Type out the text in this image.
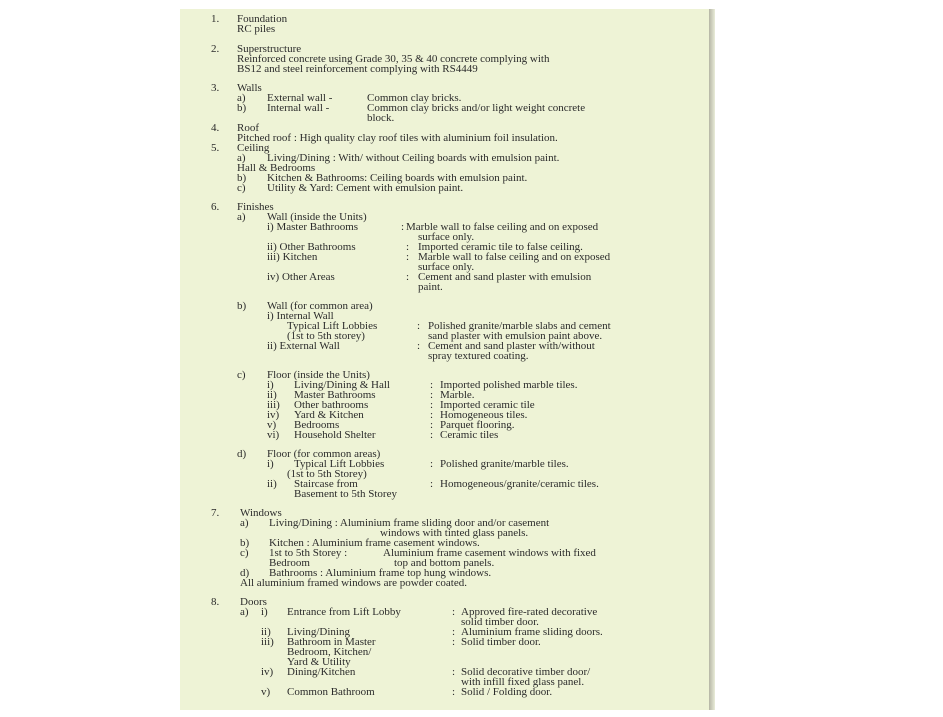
1. Foundation
RC piles
2. Superstructure
Reinforced concrete using Grade 30, 35 & 40 concrete complying with
BS12 and steel reinforcement complying with RS4449
3. Walls
a) External wall -	Common clay bricks.
b) Internal wall -	Common clay bricks and/or light weight concrete
block.
4. Roof
Pitched roof : High quality clay roof tiles with aluminium foil insulation.
5. Ceiling
a) Living/Dining : With/ without Ceiling boards with emulsion paint.
Hall & Bedrooms
b) Kitchen & Bathrooms: Ceiling boards with emulsion paint.
c) Utility & Yard: Cement with emulsion paint.
6. Finishes
a) Wall (inside the Units)
i) Master Bathrooms	: Marble wall to false ceiling and on exposed
surface only.
ii) Other Bathrooms	: Imported ceramic tile to false ceiling.
iii) Kitchen	: Marble wall to false ceiling and on exposed
surface only.
iv) Other Areas	: Cement and sand plaster with emulsion
paint.
b) Wall (for common area)
i) Internal Wall
Typical Lift Lobbies	: Polished granite/marble slabs and cement
(1st to 5th storey)	sand plaster with emulsion paint above.
ii) External Wall	: Cement and sand plaster with/without
spray textured coating.
c) Floor (inside the Units)
i) Living/Dining & Hall	: Imported polished marble tiles.
ii) Master Bathrooms	: Marble.
iii) Other bathrooms	: Imported ceramic tile
iv) Yard & Kitchen	: Homogeneous tiles.
v) Bedrooms	: Parquet flooring.
vi) Household Shelter	: Ceramic tiles
d) Floor (for common areas)
i) Typical Lift Lobbies	: Polished granite/marble tiles.
(1st to 5th Storey)
ii) Staircase from
Basement to 5th Storey
: Homogeneous/granite/ceramic tiles.
7. Windows
a) Living/Dining : Aluminium frame sliding door and/or casement
windows with tinted glass panels.
b) Kitchen : Aluminium frame casement windows.
c) 1st to 5th Storey :	Aluminium frame casement windows with fixed
Bedroom	top and bottom panels.
d) Bathrooms : Aluminium frame top hung windows.
All aluminium framed windows are powder coated.
8. Doors
a) i) Entrance from Lift Lobby	: Approved fire-rated decorative
solid timber door.
ii) Living/Dining	: Aluminium frame sliding doors.
iii) Bathroom in Master
Bedroom, Kitchen/
Yard & Utility
: Solid timber door.
iv) Dining/Kitchen	: Solid decorative timber door/
with infill fixed glass panel.
v) Common Bathroom	: Solid / Folding door.
